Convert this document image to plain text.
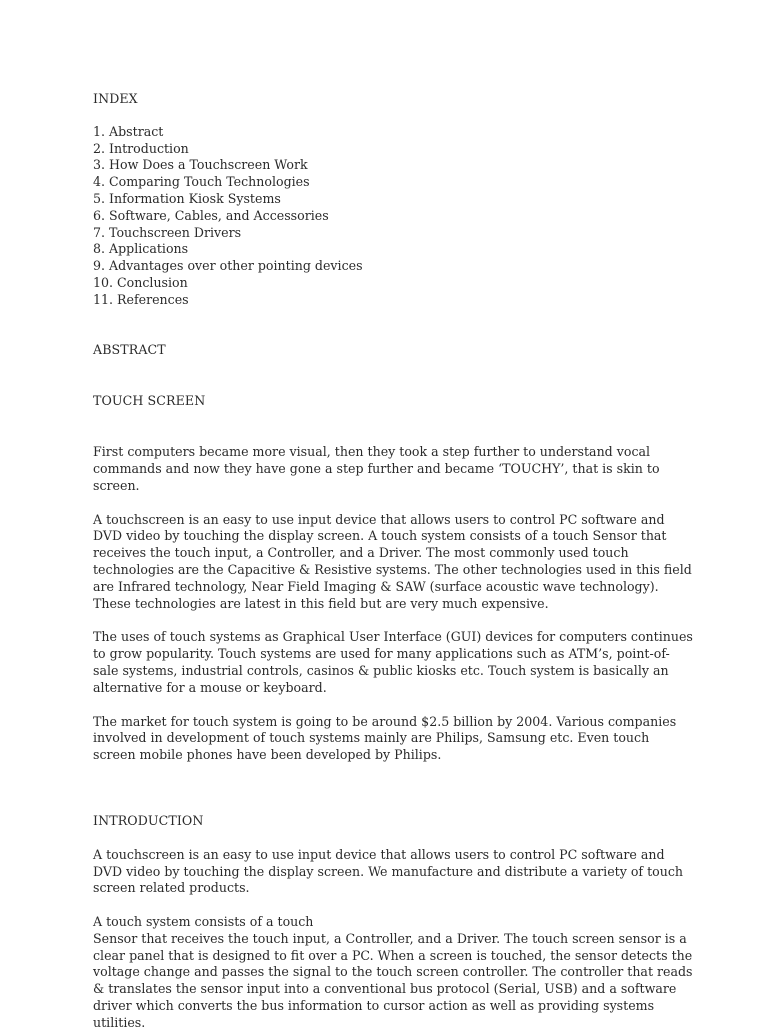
INDEX
1. Abstract
2. Introduction
3. How Does a Touchscreen Work
4. Comparing Touch Technologies
5. Information Kiosk Systems
6. Software, Cables, and Accessories
7. Touchscreen Drivers
8. Applications
9. Advantages over other pointing devices
10. Conclusion
11. References
ABSTRACT
TOUCH SCREEN

First computers became more visual, then they took a step further to understand vocal commands and now they have gone a step further and became ‘TOUCHY’, that is skin to screen.

A touchscreen is an easy to use input device that allows users to control PC software and DVD video by touching the display screen. A touch system consists of a touch Sensor that receives the touch input, a Controller, and a Driver. The most commonly used touch technologies are the Capacitive & Resistive systems. The other technologies used in this field are Infrared technology, Near Field Imaging & SAW (surface acoustic wave technology). These technologies are latest in this field but are very much expensive.

The uses of touch systems as Graphical User Interface (GUI) devices for computers continues to grow popularity. Touch systems are used for many applications such as ATM’s, point-of-sale systems, industrial controls, casinos & public kiosks etc. Touch system is basically an alternative for a mouse or keyboard.

The market for touch system is going to be around $2.5 billion by 2004. Various companies involved in development of touch systems mainly are Philips, Samsung etc. Even touch screen mobile phones have been developed by Philips.

INTRODUCTION

A touchscreen is an easy to use input device that allows users to control PC software and DVD video by touching the display screen. We manufacture and distribute a variety of touch screen related products.

A touch system consists of a touch
Sensor that receives the touch input, a Controller, and a Driver. The touch screen sensor is a clear panel that is designed to fit over a PC. When a screen is touched, the sensor detects the voltage change and passes the signal to the touch screen controller. The controller that reads & translates the sensor input into a conventional bus protocol (Serial, USB) and a software driver which converts the bus information to cursor action as well as providing systems utilities.
